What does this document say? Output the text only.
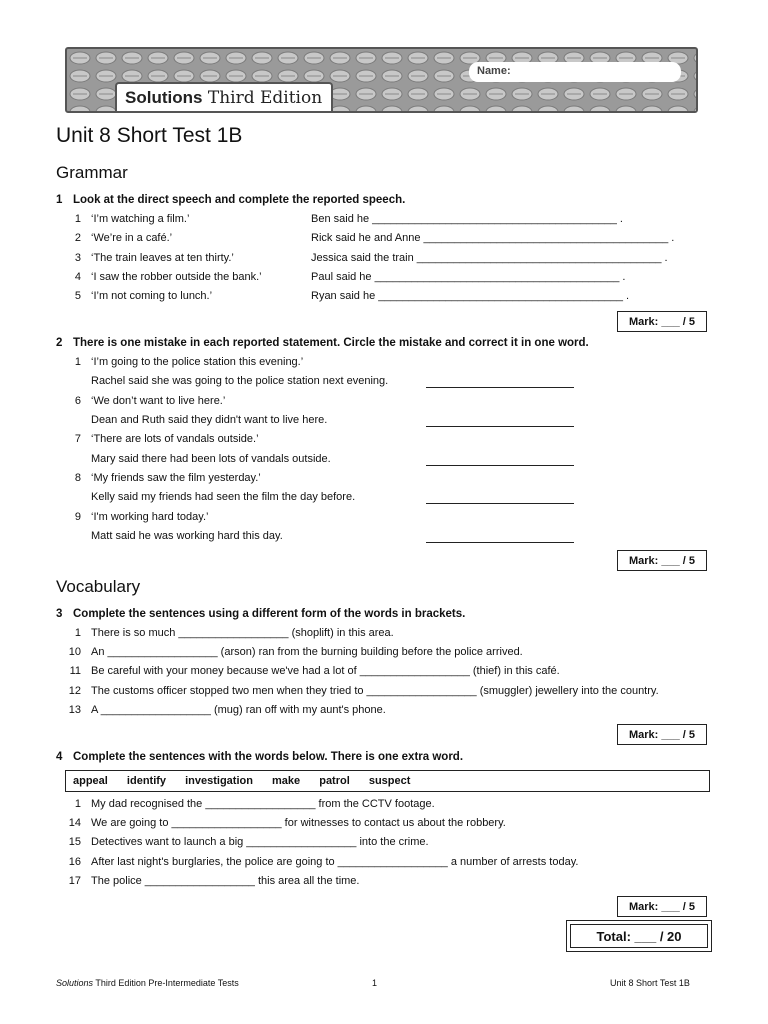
Name:
Solutions Third Edition
Unit 8 Short Test 1B
Grammar
1 Look at the direct speech and complete the reported speech.
1 ‘I’m watching a film.’	Ben said he ________________________________________ .
2 ‘We’re in a café.’	Rick said he and Anne ________________________________________ .
3 ‘The train leaves at ten thirty.’	Jessica said the train ________________________________________ .
4 ‘I saw the robber outside the bank.’	Paul said he ________________________________________ .
5 ‘I’m not coming to lunch.’	Ryan said he ________________________________________ .
Mark: ___ / 5
2 There is one mistake in each reported statement. Circle the mistake and correct it in one word.
1 ‘I’m going to the police station this evening.’
Rachel said she was going to the police station next evening.
6 ‘We don’t want to live here.’
Dean and Ruth said they didn't want to live here.
7 ‘There are lots of vandals outside.’
Mary said there had been lots of vandals outside.
8 ‘My friends saw the film yesterday.’
Kelly said my friends had seen the film the day before.
9 ‘I'm working hard today.’
Matt said he was working hard this day.
Mark: ___ / 5
Vocabulary
3 Complete the sentences using a different form of the words in brackets.
1 There is so much __________________ (shoplift) in this area.
10 An __________________ (arson) ran from the burning building before the police arrived.
11 Be careful with your money because we've had a lot of __________________ (thief) in this café.
12 The customs officer stopped two men when they tried to __________________ (smuggler) jewellery into the country.
13 A __________________ (mug) ran off with my aunt's phone.
Mark: ___ / 5
4 Complete the sentences with the words below. There is one extra word.
appeal identify investigation make patrol suspect
1 My dad recognised the __________________ from the CCTV footage.
14 We are going to __________________ for witnesses to contact us about the robbery.
15 Detectives want to launch a big __________________ into the crime.
16 After last night's burglaries, the police are going to __________________ a number of arrests today.
17 The police __________________ this area all the time.
Mark: ___ / 5
Total: ___ / 20
Solutions Third Edition Pre-Intermediate Tests	1	Unit 8 Short Test 1B
